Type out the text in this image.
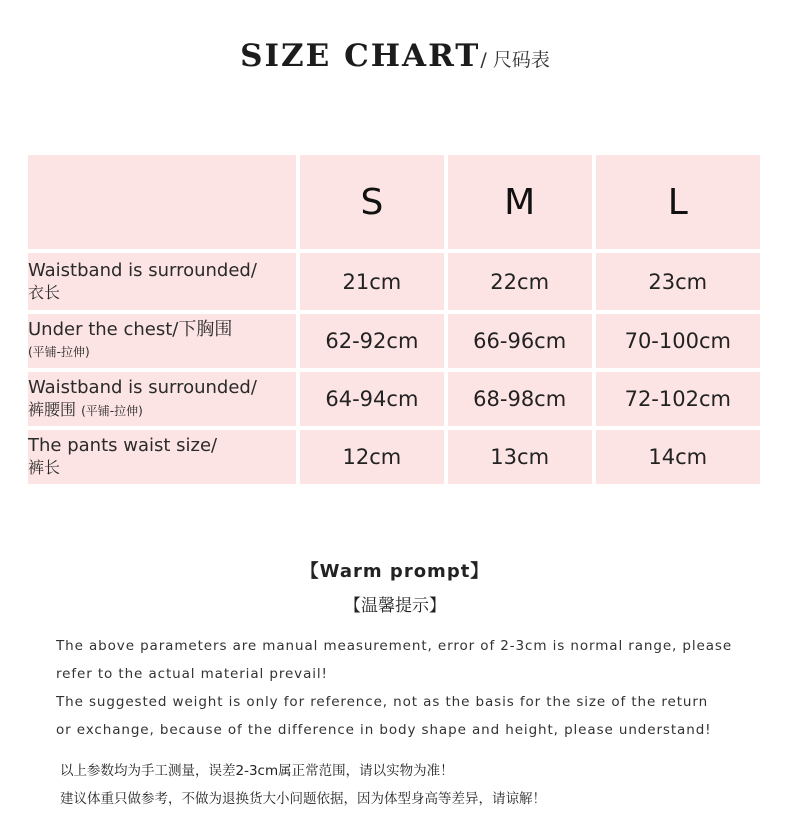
SIZE CHART/ 尺码表
	S	M	L

Waistband is surrounded/
衣长	21cm	22cm	23cm

Under the chest/下胸围
(平铺-拉伸)	62-92cm	66-96cm	70-100cm

Waistband is surrounded/
裤腰围 (平铺-拉伸)	64-94cm	68-98cm	72-102cm

The pants waist size/
裤长	12cm	13cm	14cm
【Warm prompt】
【温馨提示】

The above parameters are manual measurement, error of 2-3cm is normal range, please

refer to the actual material prevail!

The suggested weight is only for reference, not as the basis for the size of the return

or exchange, because of the difference in body shape and height, please understand!

以上参数均为手工测量，误差2-3cm属正常范围，请以实物为准！

建议体重只做参考，不做为退换货大小问题依据，因为体型身高等差异，请谅解！
